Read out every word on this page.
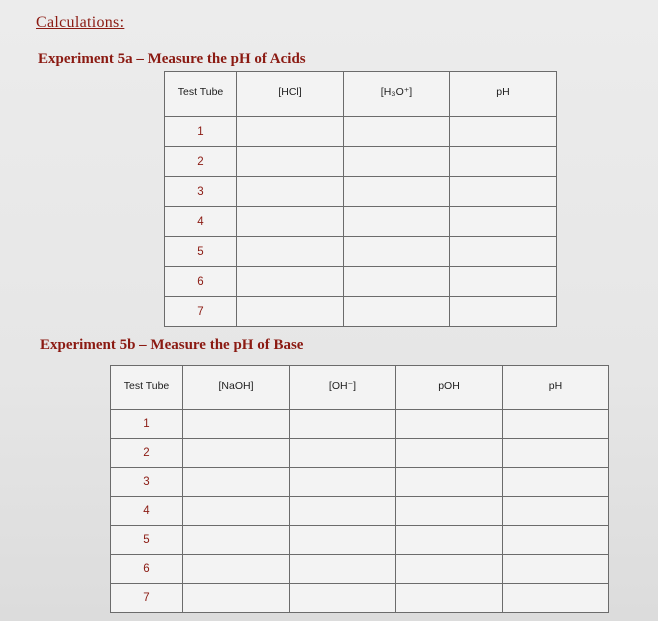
Calculations:
Experiment 5a – Measure the pH of Acids
Test Tube	[HCl]	[H₃O⁺]	pH
1			
2			
3			
4			
5			
6			
7			
Experiment 5b – Measure the pH of Base
Test Tube	[NaOH]	[OH⁻]	pOH	pH
1				
2				
3				
4				
5				
6				
7				
